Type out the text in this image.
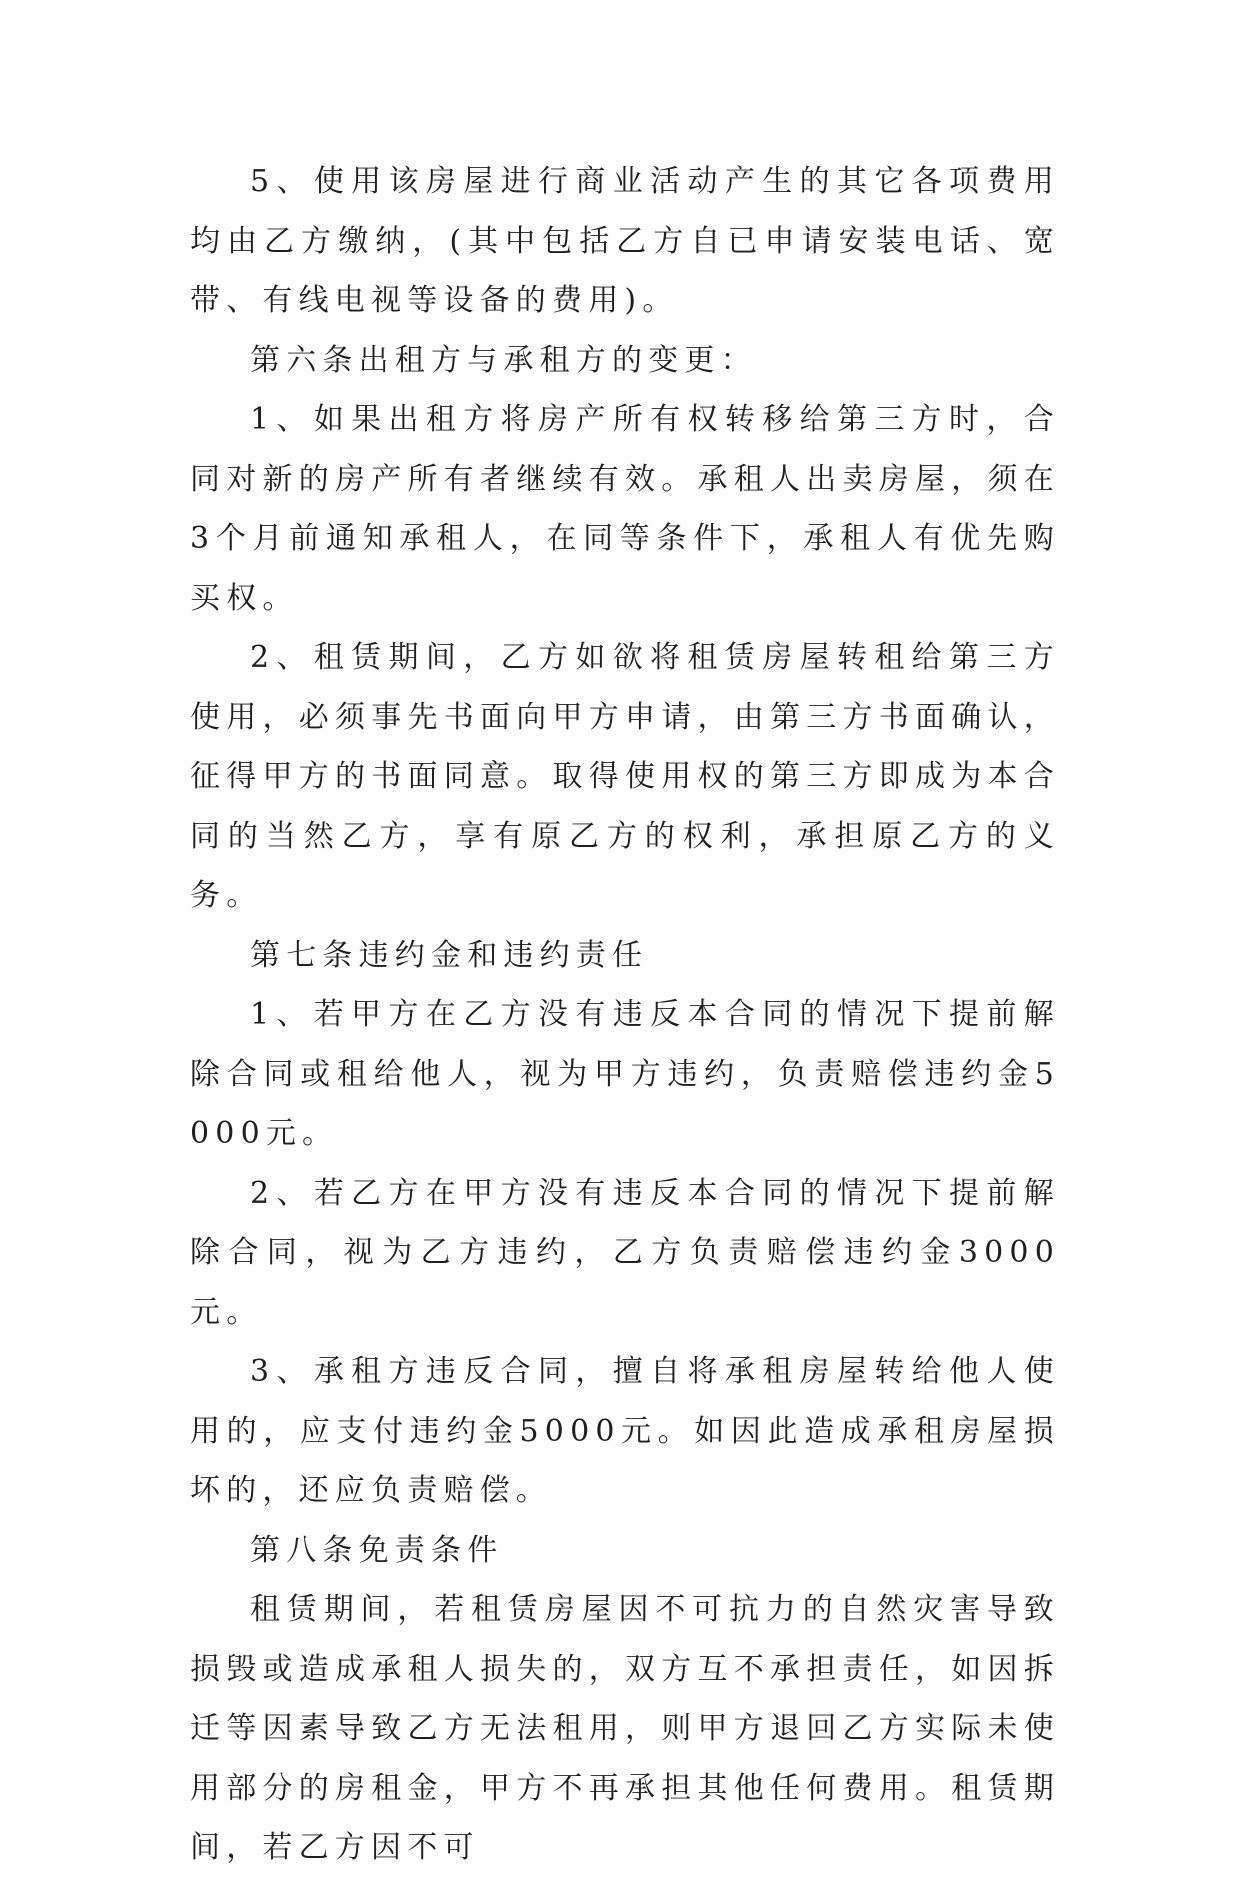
5、使用该房屋进行商业活动产生的其它各项费用均由乙方缴纳，(其中包括乙方自已申请安装电话、宽带、有线电视等设备的费用)。

第六条出租方与承租方的变更：

1、如果出租方将房产所有权转移给第三方时，合同对新的房产所有者继续有效。承租人出卖房屋，须在3个月前通知承租人，在同等条件下，承租人有优先购买权。

2、租赁期间，乙方如欲将租赁房屋转租给第三方使用，必须事先书面向甲方申请，由第三方书面确认，征得甲方的书面同意。取得使用权的第三方即成为本合同的当然乙方，享有原乙方的权利，承担原乙方的义务。

第七条违约金和违约责任

1、若甲方在乙方没有违反本合同的情况下提前解除合同或租给他人，视为甲方违约，负责赔偿违约金5000元。

2、若乙方在甲方没有违反本合同的情况下提前解除合同，视为乙方违约，乙方负责赔偿违约金3000元。

3、承租方违反合同，擅自将承租房屋转给他人使用的，应支付违约金5000元。如因此造成承租房屋损坏的，还应负责赔偿。

第八条免责条件

租赁期间，若租赁房屋因不可抗力的自然灾害导致损毁或造成承租人损失的，双方互不承担责任，如因拆迁等因素导致乙方无法租用，则甲方退回乙方实际未使用部分的房租金，甲方不再承担其他任何费用。租赁期间，若乙方因不可
